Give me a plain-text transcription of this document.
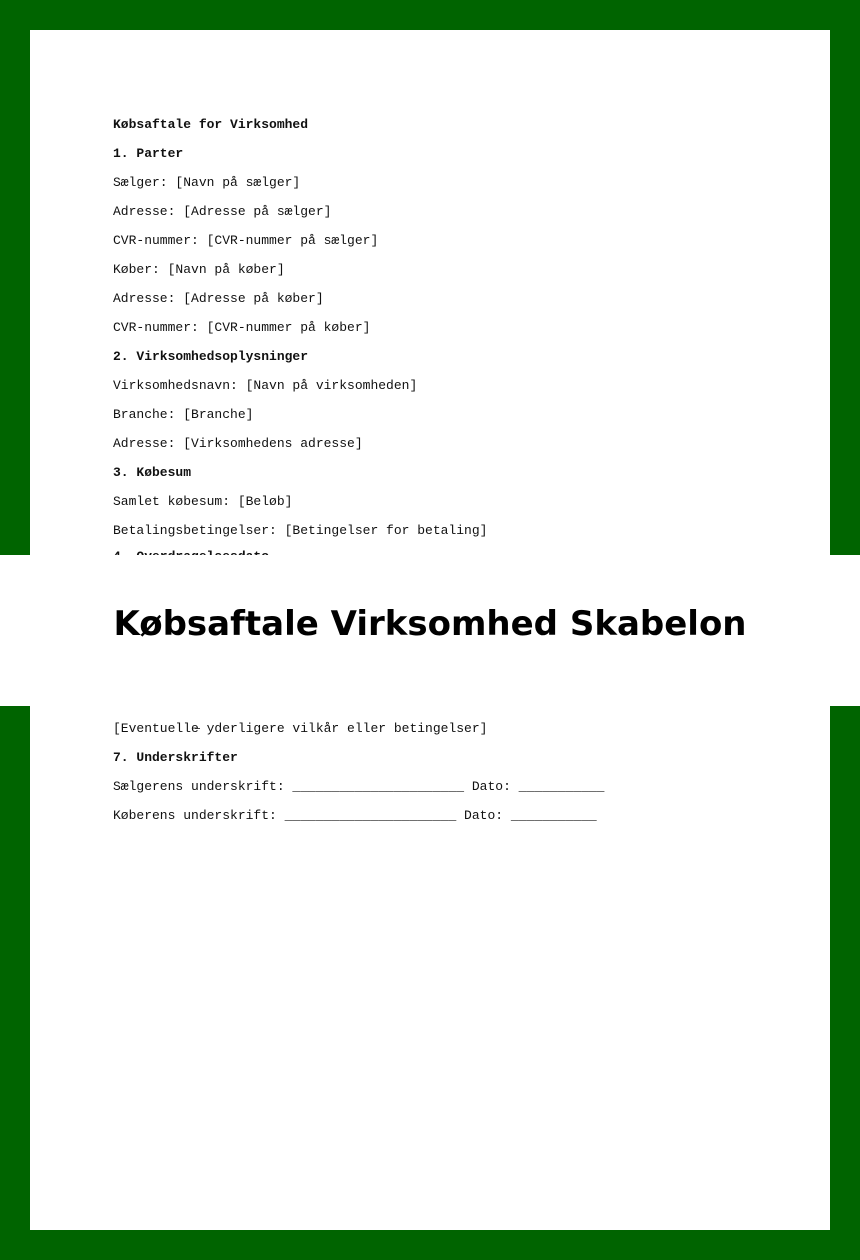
Købsaftale for Virksomhed
1. Parter
Sælger: [Navn på sælger]
Adresse: [Adresse på sælger]
CVR-nummer: [CVR-nummer på sælger]
Køber: [Navn på køber]
Adresse: [Adresse på køber]
CVR-nummer: [CVR-nummer på køber]
2. Virksomhedsoplysninger
Virksomhedsnavn: [Navn på virksomheden]
Branche: [Branche]
Adresse: [Virksomhedens adresse]
3. Købesum
Samlet købesum: [Beløb]
Betalingsbetingelser: [Betingelser for betaling]
[Eventuelle yderligere vilkår eller betingelser]
7. Underskrifter
Sælgerens underskrift: ______________________ Dato: ___________
Køberens underskrift: ______________________ Dato: ___________
Købsaftale Virksomhed Skabelon
